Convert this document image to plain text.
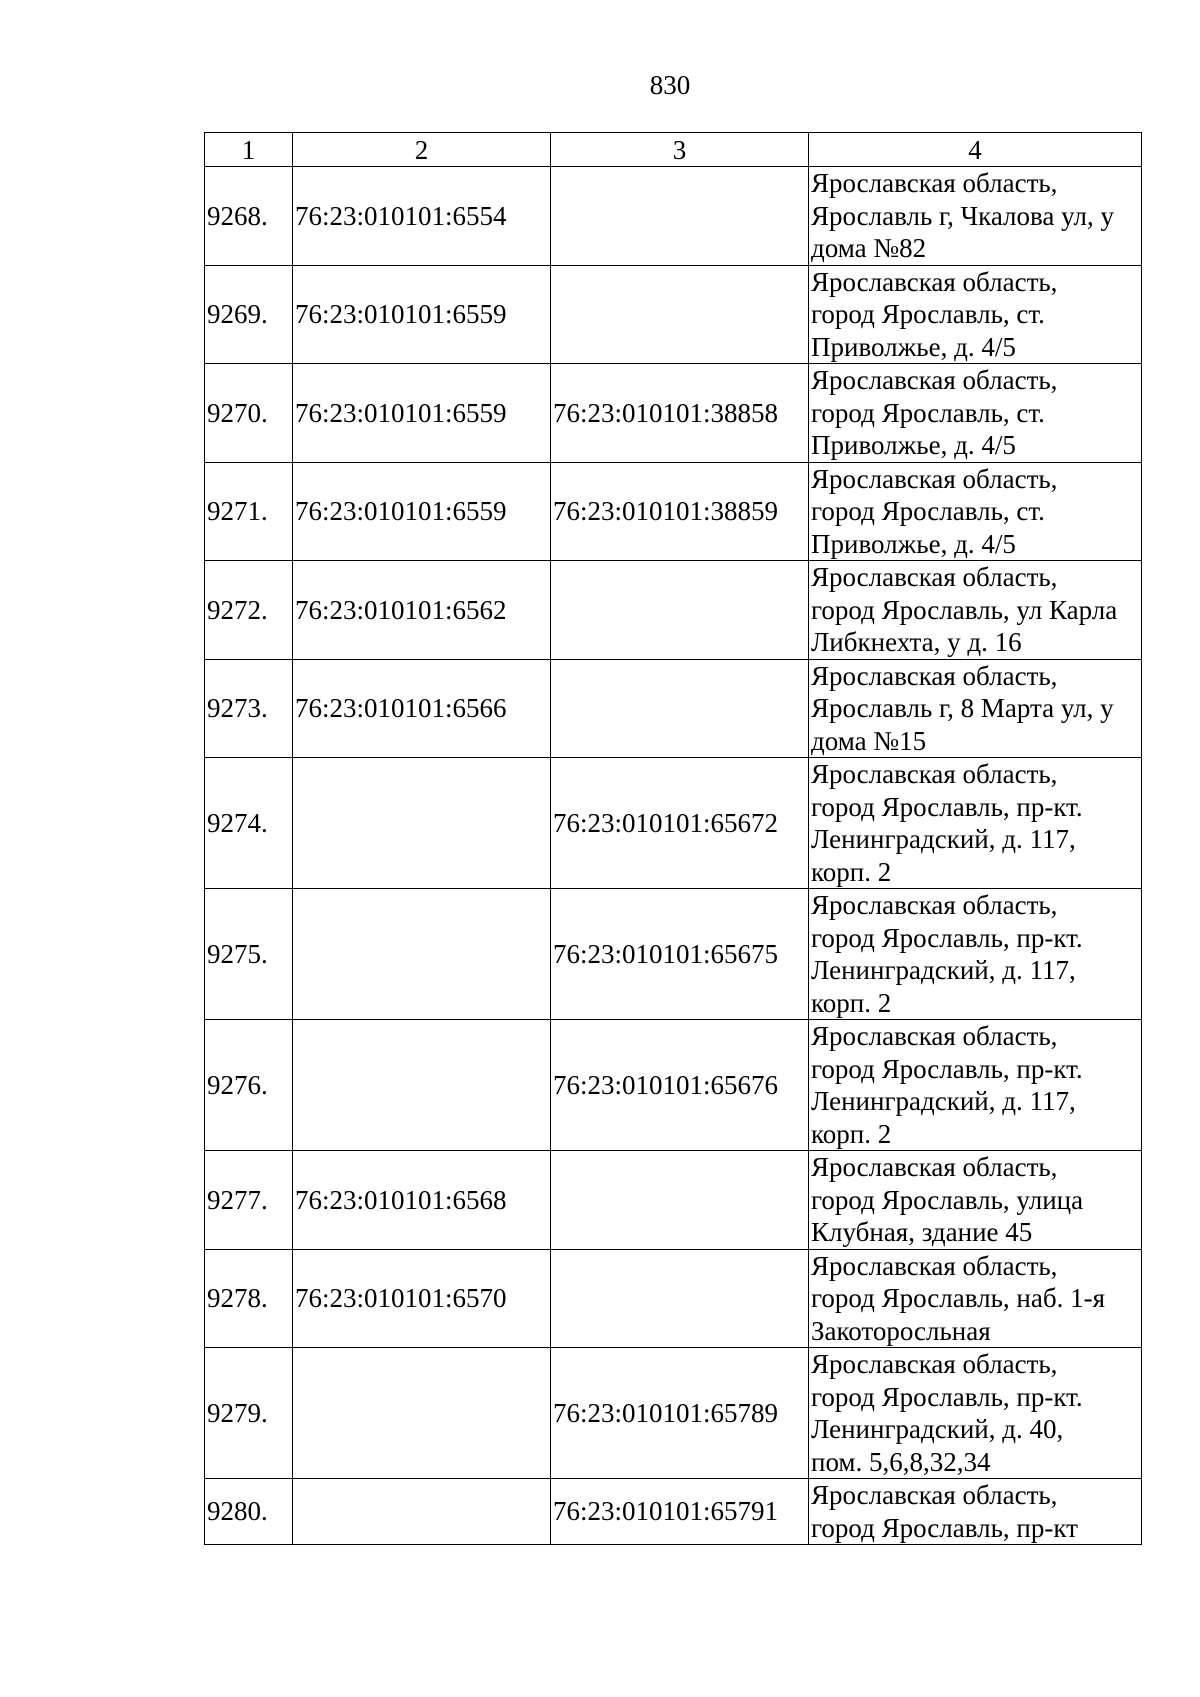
830
1	2	3	4
9268.	76:23:010101:6554		Ярославская область,
Ярославль г, Чкалова ул, у
дома №82

9269.	76:23:010101:6559		Ярославская область,
город Ярославль, ст.
Приволжье, д. 4/5

9270.	76:23:010101:6559	76:23:010101:38858	Ярославская область,
город Ярославль, ст.
Приволжье, д. 4/5

9271.	76:23:010101:6559	76:23:010101:38859	Ярославская область,
город Ярославль, ст.
Приволжье, д. 4/5

9272.	76:23:010101:6562		Ярославская область,
город Ярославль, ул Карла
Либкнехта, у д. 16

9273.	76:23:010101:6566		Ярославская область,
Ярославль г, 8 Марта ул, у
дома №15

9274.		76:23:010101:65672	Ярославская область,
город Ярославль, пр-кт.
Ленинградский, д. 117,
корп. 2

9275.		76:23:010101:65675	Ярославская область,
город Ярославль, пр-кт.
Ленинградский, д. 117,
корп. 2

9276.		76:23:010101:65676	Ярославская область,
город Ярославль, пр-кт.
Ленинградский, д. 117,
корп. 2

9277.	76:23:010101:6568		Ярославская область,
город Ярославль, улица
Клубная, здание 45

9278.	76:23:010101:6570		Ярославская область,
город Ярославль, наб. 1-я
Закоторосльная

9279.		76:23:010101:65789	Ярославская область,
город Ярославль, пр-кт.
Ленинградский, д. 40,
пом. 5,6,8,32,34

9280.		76:23:010101:65791	Ярославская область,
город Ярославль, пр-кт
